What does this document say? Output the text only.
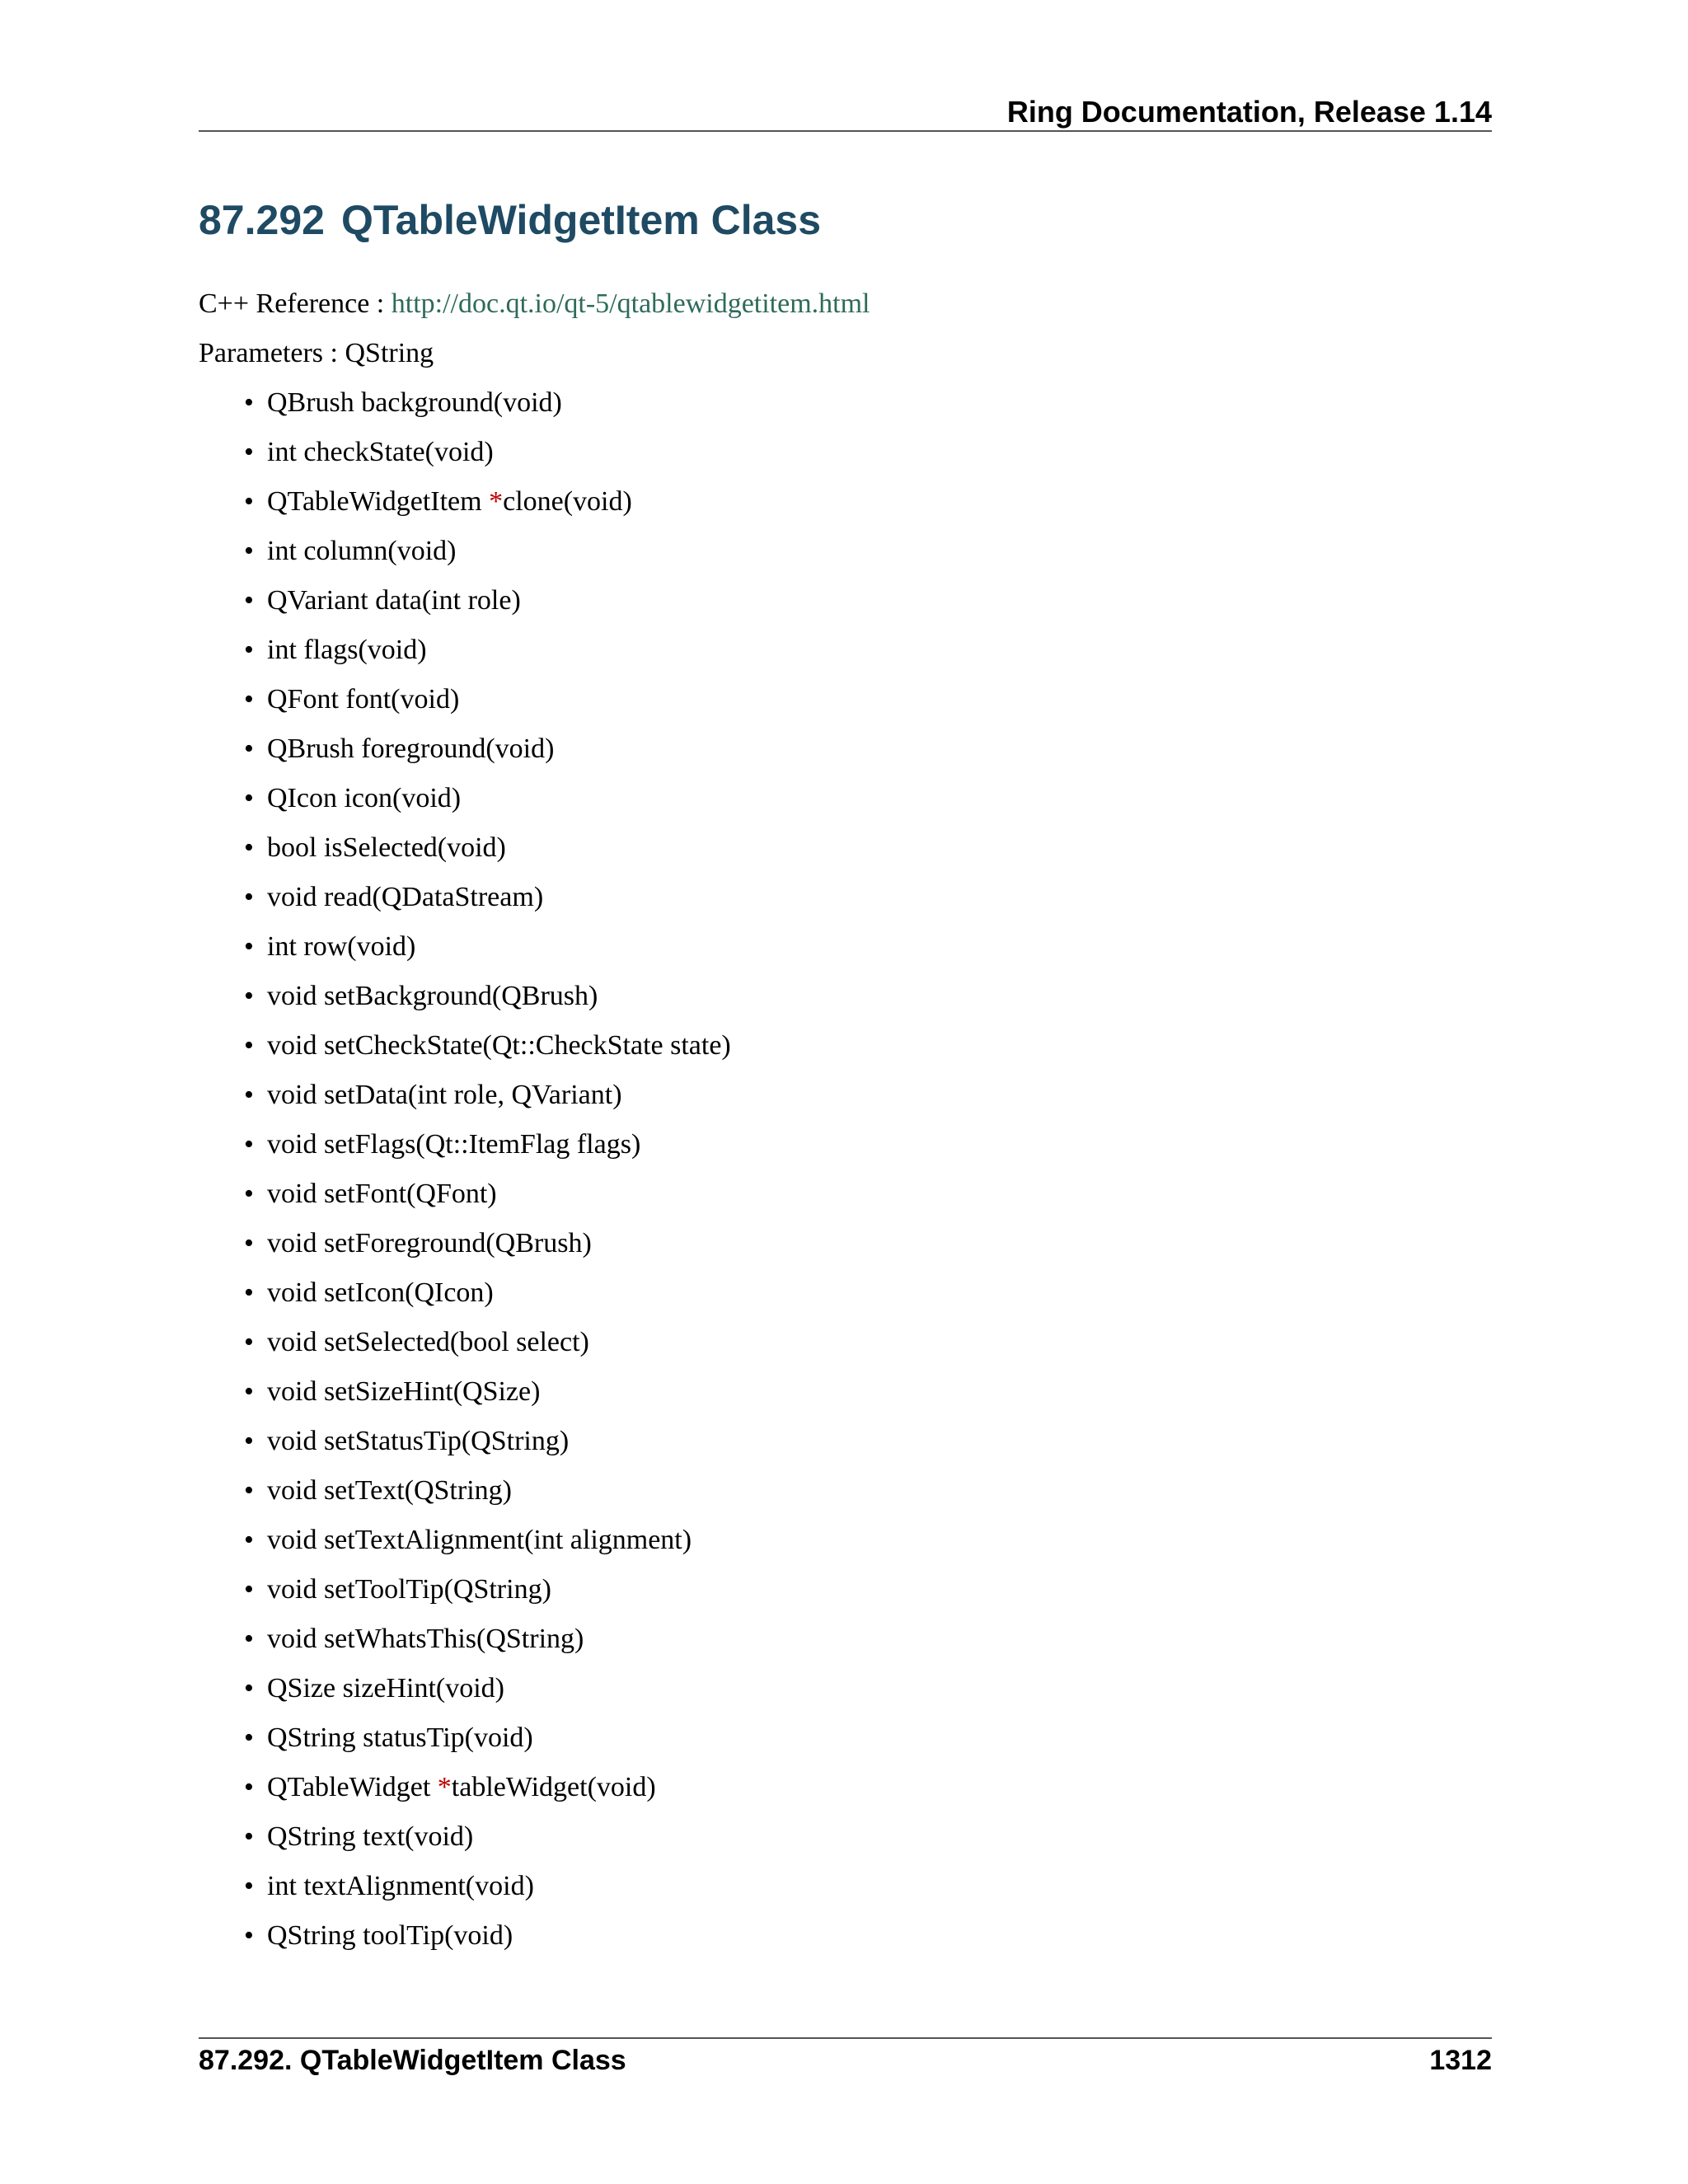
Ring Documentation, Release 1.14
87.292 QTableWidgetItem Class
C++ Reference : http://doc.qt.io/qt-5/qtablewidgetitem.html
Parameters : QString
• QBrush background(void)
• int checkState(void)
• QTableWidgetItem *clone(void)
• int column(void)
• QVariant data(int role)
• int flags(void)
• QFont font(void)
• QBrush foreground(void)
• QIcon icon(void)
• bool isSelected(void)
• void read(QDataStream)
• int row(void)
• void setBackground(QBrush)
• void setCheckState(Qt::CheckState state)
• void setData(int role, QVariant)
• void setFlags(Qt::ItemFlag flags)
• void setFont(QFont)
• void setForeground(QBrush)
• void setIcon(QIcon)
• void setSelected(bool select)
• void setSizeHint(QSize)
• void setStatusTip(QString)
• void setText(QString)
• void setTextAlignment(int alignment)
• void setToolTip(QString)
• void setWhatsThis(QString)
• QSize sizeHint(void)
• QString statusTip(void)
• QTableWidget *tableWidget(void)
• QString text(void)
• int textAlignment(void)
• QString toolTip(void)
87.292. QTableWidgetItem Class	1312
